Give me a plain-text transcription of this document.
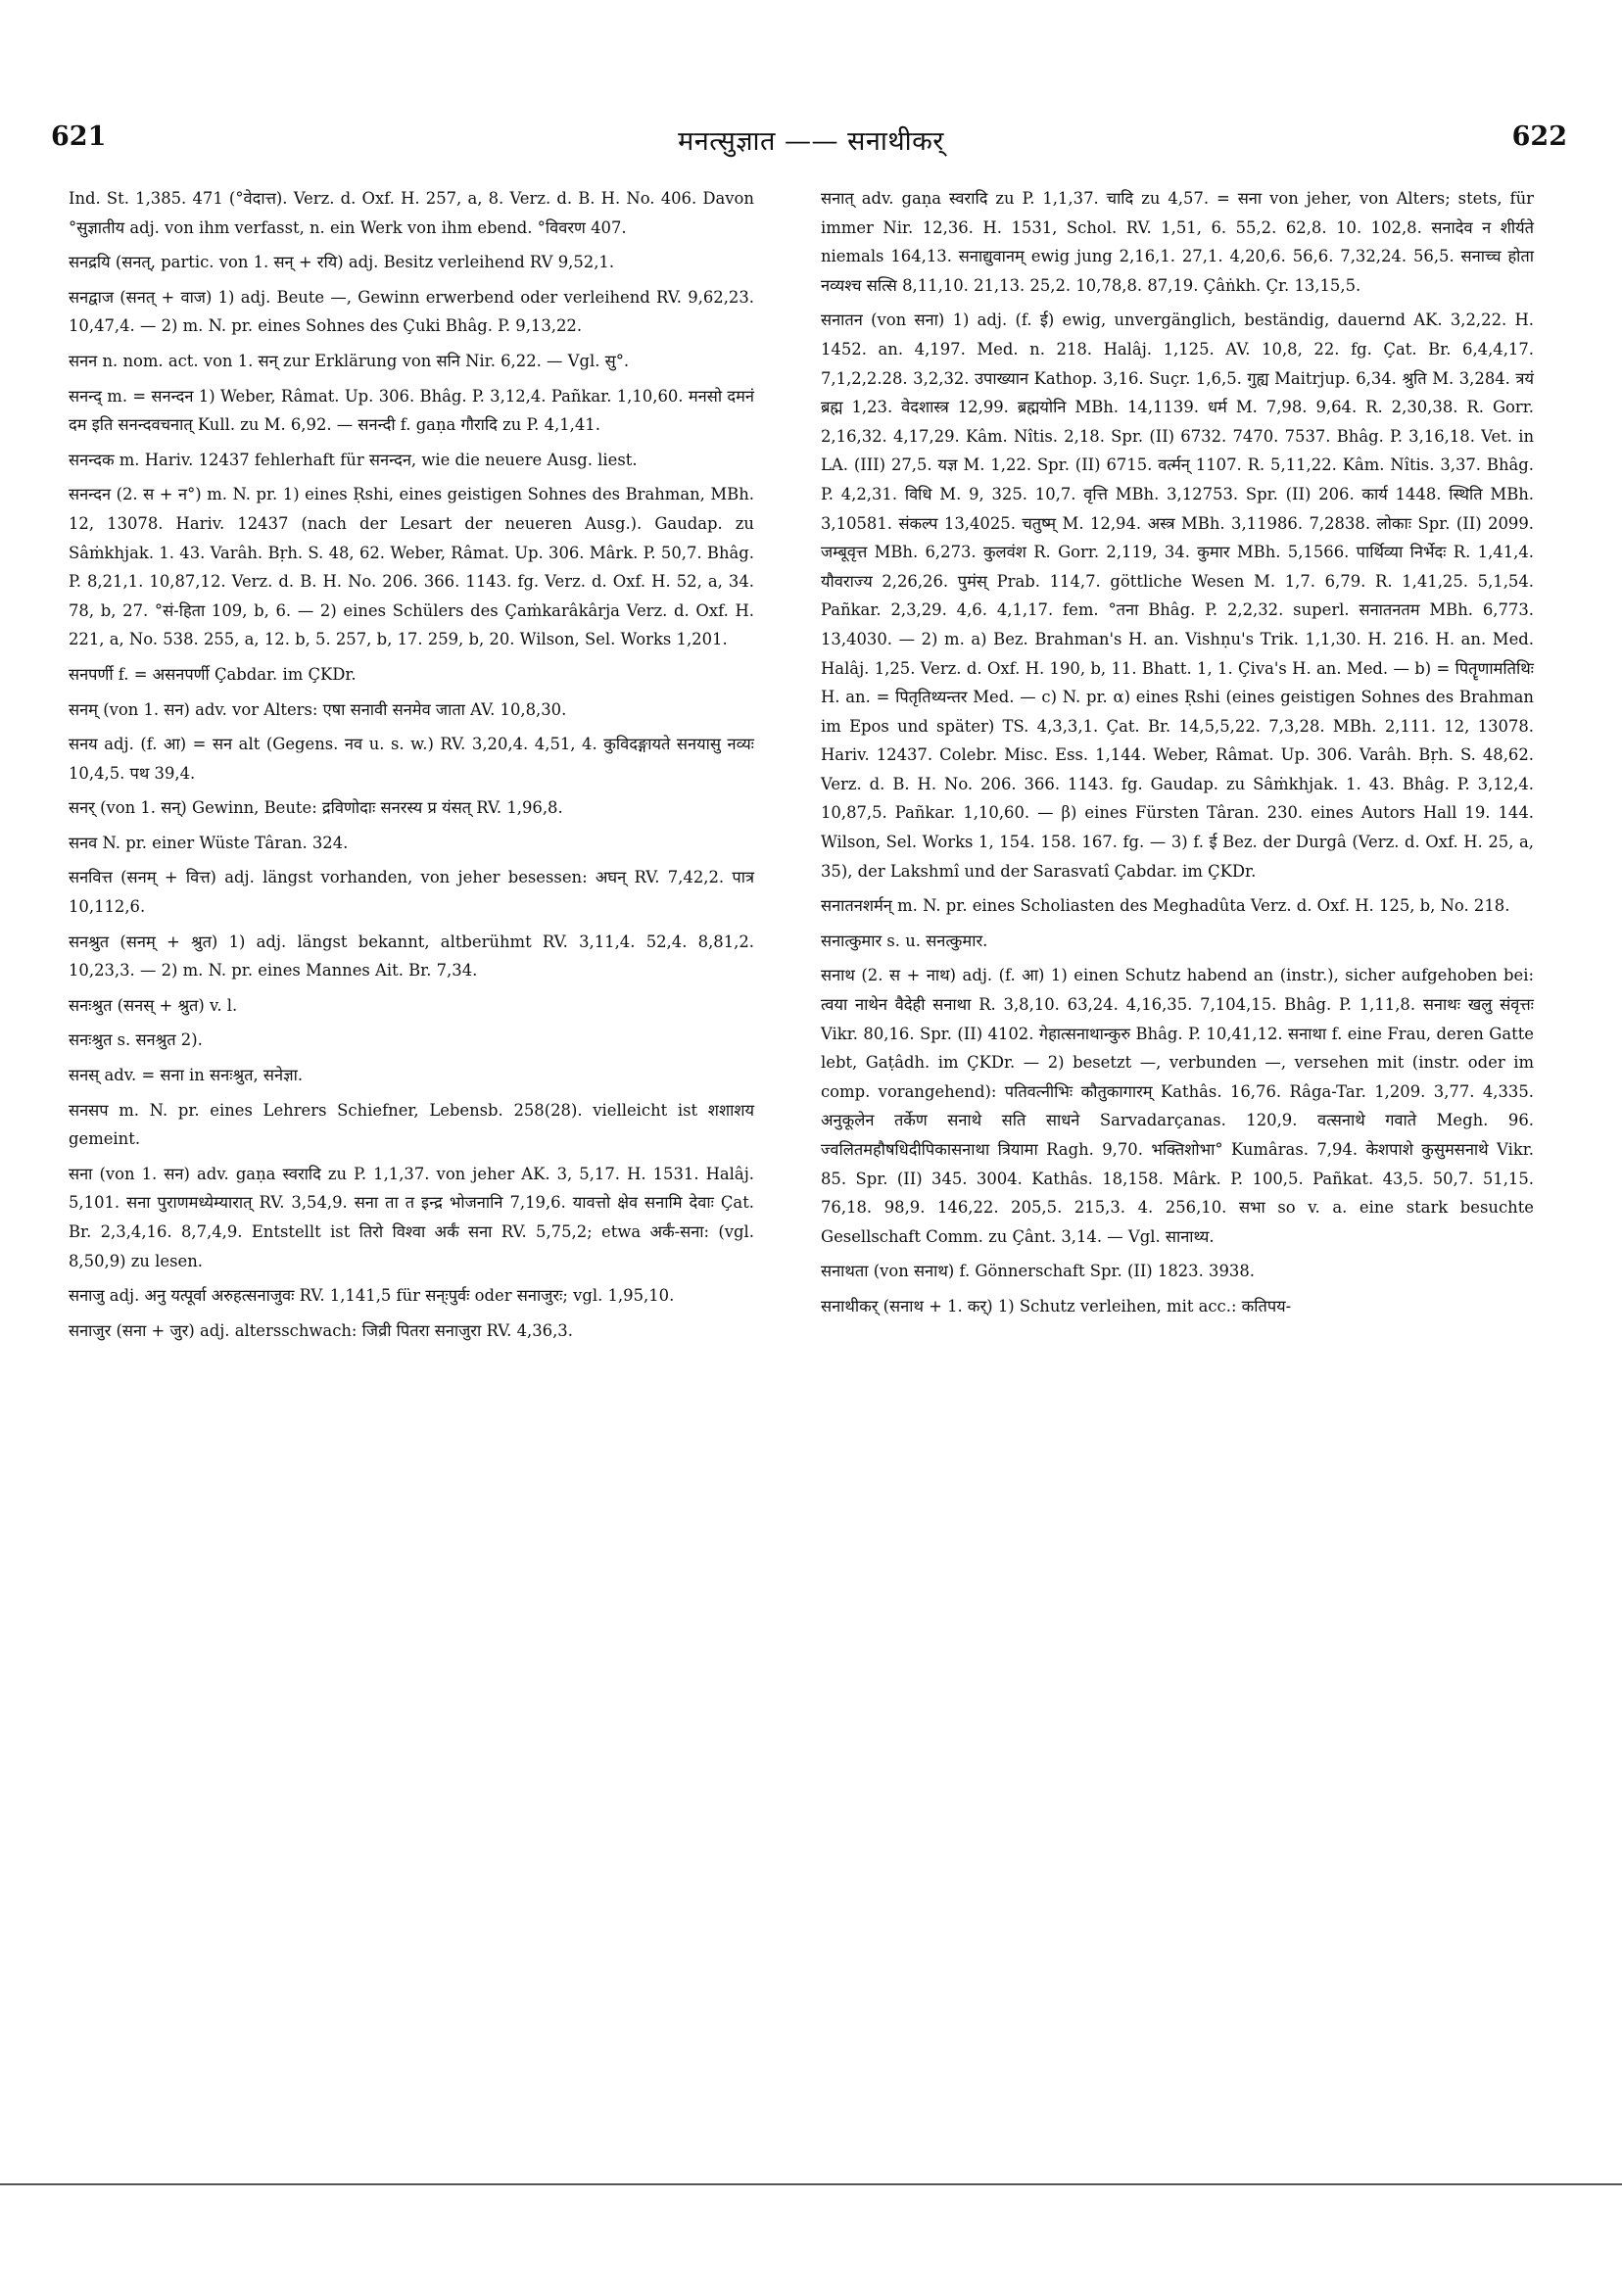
मनत्सुज्ञात —— सनाथीकर्
621	622

Ind. St. 1,385. 471 (°वेदात्त). Verz. d. Oxf. H. 257, a, 8. Verz. d. B. H. No. 406. Davon °सुज्ञातीय adj. von ihm verfasst, n. ein Werk von ihm ebend. °विवरण 407.

सनद्रयि (सनत्, partic. von 1. सन् + रयि) adj. Besitz verleihend RV 9,52,1.

सनद्वाज (सनत् + वाज) 1) adj. Beute —, Gewinn erwerbend oder verleihend RV. 9,62,23. 10,47,4. — 2) m. N. pr. eines Sohnes des Çuki Bhâg. P. 9,13,22.

सनन n. nom. act. von 1. सन् zur Erklärung von सनि Nir. 6,22. — Vgl. सु°.

सनन्द् m. = सनन्दन 1) Weber, Râmat. Up. 306. Bhâg. P. 3,12,4. Pañkar. 1,10,60. मनसो दमनं दम इति सनन्दवचनात् Kull. zu M. 6,92. — सनन्दी f. gaṇa गौरादि zu P. 4,1,41.

सनन्दक m. Hariv. 12437 fehlerhaft für सनन्दन, wie die neuere Ausg. liest.

सनन्दन (2. स + न°) m. N. pr. 1) eines Ṛshi, eines geistigen Sohnes des Brahman, MBh. 12, 13078. Hariv. 12437 (nach der Lesart der neueren Ausg.). Gaudap. zu Sâṁkhjak. 1. 43. Varâh. Bṛh. S. 48, 62. Weber, Râmat. Up. 306. Mârk. P. 50,7. Bhâg. P. 8,21,1. 10,87,12. Verz. d. B. H. No. 206. 366. 1143. fg. Verz. d. Oxf. H. 52, a, 34. 78, b, 27. °सं-हिता 109, b, 6. — 2) eines Schülers des Çaṁkarâkârja Verz. d. Oxf. H. 221, a, No. 538. 255, a, 12. b, 5. 257, b, 17. 259, b, 20. Wilson, Sel. Works 1,201.

सनपर्णी f. = असनपर्णी Çabdar. im ÇKDr.

सनम् (von 1. सन) adv. vor Alters: एषा सनावी सनमेव जाता AV. 10,8,30.

सनय adj. (f. आ) = सन alt (Gegens. नव u. s. w.) RV. 3,20,4. 4,51, 4. कुविदङ्गायते सनयासु नव्यः 10,4,5. पथ 39,4.

सनर् (von 1. सन्) Gewinn, Beute: द्रविणोदाः सनरस्य प्र यंसत् RV. 1,96,8.

सनव N. pr. einer Wüste Târan. 324.

सनवित्त (सनम् + वित्त) adj. längst vorhanden, von jeher besessen: अघन् RV. 7,42,2. पात्र 10,112,6.

सनश्रुत (सनम् + श्रुत) 1) adj. längst bekannt, altberühmt RV. 3,11,4. 52,4. 8,81,2. 10,23,3. — 2) m. N. pr. eines Mannes Ait. Br. 7,34.

सनःश्रुत (सनस् + श्रुत) v. l.

सनःश्रुत s. सनश्रुत 2).

सनस् adv. = सना in सनःश्रुत, सनेज्ञा.

सनसप m. N. pr. eines Lehrers Schiefner, Lebensb. 258(28). vielleicht ist शशाशय gemeint.

सना (von 1. सन) adv. gaṇa स्वरादि zu P. 1,1,37. von jeher AK. 3, 5,17. H. 1531. Halâj. 5,101. सना पुराणमध्येम्यारात् RV. 3,54,9. सना ता त इन्द्र भोजनानि 7,19,6. यावत्तो क्षेव सनामि देवाः Çat. Br. 2,3,4,16. 8,7,4,9. Entstellt ist तिरो विश्वा अर्कं सना RV. 5,75,2; etwa अर्कं-सना: (vgl. 8,50,9) zu lesen.

सनाजु adj. अनु यत्पूर्वा अरुहत्सनाजुवः RV. 1,141,5 für सन्ःपुर्वः oder सनाजुरः; vgl. 1,95,10.

सनाजुर (सना + जुर) adj. altersschwach: जिव्री पितरा सनाजुरा RV. 4,36,3.

सनात् adv. gaṇa स्वरादि zu P. 1,1,37. चादि zu 4,57. = सना von jeher, von Alters; stets, für immer Nir. 12,36. H. 1531, Schol. RV. 1,51, 6. 55,2. 62,8. 10. 102,8. सनादेव न शीर्यते niemals 164,13. सनाद्युवानम् ewig jung 2,16,1. 27,1. 4,20,6. 56,6. 7,32,24. 56,5. सनाच्च होता नव्यश्च सत्सि 8,11,10. 21,13. 25,2. 10,78,8. 87,19. Çâṅkh. Çr. 13,15,5.

सनातन (von सना) 1) adj. (f. ई) ewig, unvergänglich, beständig, dauernd AK. 3,2,22. H. 1452. an. 4,197. Med. n. 218. Halâj. 1,125. AV. 10,8, 22. fg. Çat. Br. 6,4,4,17. 7,1,2,2.28. 3,2,32. उपाख्यान Kathop. 3,16. Suçr. 1,6,5. गुह्य Maitrjup. 6,34. श्रुति M. 3,284. त्रयं ब्रह्म 1,23. वेदशास्त्र 12,99. ब्रह्मयोनि MBh. 14,1139. धर्म M. 7,98. 9,64. R. 2,30,38. R. Gorr. 2,16,32. 4,17,29. Kâm. Nîtis. 2,18. Spr. (II) 6732. 7470. 7537. Bhâg. P. 3,16,18. Vet. in LA. (III) 27,5. यज्ञ M. 1,22. Spr. (II) 6715. वर्त्मन् 1107. R. 5,11,22. Kâm. Nîtis. 3,37. Bhâg. P. 4,2,31. विधि M. 9, 325. 10,7. वृत्ति MBh. 3,12753. Spr. (II) 206. कार्य 1448. स्थिति MBh. 3,10581. संकल्प 13,4025. चतुष्म् M. 12,94. अस्त्र MBh. 3,11986. 7,2838. लोकाः Spr. (II) 2099. जम्बूवृत्त MBh. 6,273. कुलवंश R. Gorr. 2,119, 34. कुमार MBh. 5,1566. पार्थिव्या निर्भेदः R. 1,41,4. यौवराज्य 2,26,26. पुमंस् Prab. 114,7. göttliche Wesen M. 1,7. 6,79. R. 1,41,25. 5,1,54. Pañkar. 2,3,29. 4,6. 4,1,17. fem. °तना Bhâg. P. 2,2,32. superl. सनातनतम MBh. 6,773. 13,4030. — 2) m. a) Bez. Brahman's H. an. Vishṇu's Trik. 1,1,30. H. 216. H. an. Med. Halâj. 1,25. Verz. d. Oxf. H. 190, b, 11. Bhatt. 1, 1. Çiva's H. an. Med. — b) = पितॄणामतिथिः H. an. = पितृतिथ्यन्तर Med. — c) N. pr. α) eines Ṛshi (eines geistigen Sohnes des Brahman im Epos und später) TS. 4,3,3,1. Çat. Br. 14,5,5,22. 7,3,28. MBh. 2,111. 12, 13078. Hariv. 12437. Colebr. Misc. Ess. 1,144. Weber, Râmat. Up. 306. Varâh. Bṛh. S. 48,62. Verz. d. B. H. No. 206. 366. 1143. fg. Gaudap. zu Sâṁkhjak. 1. 43. Bhâg. P. 3,12,4. 10,87,5. Pañkar. 1,10,60. — β) eines Fürsten Târan. 230. eines Autors Hall 19. 144. Wilson, Sel. Works 1, 154. 158. 167. fg. — 3) f. ई Bez. der Durgâ (Verz. d. Oxf. H. 25, a, 35), der Lakshmî und der Sarasvatî Çabdar. im ÇKDr.

सनातनशर्मन् m. N. pr. eines Scholiasten des Meghadûta Verz. d. Oxf. H. 125, b, No. 218.

सनात्कुमार s. u. सनत्कुमार.

सनाथ (2. स + नाथ) adj. (f. आ) 1) einen Schutz habend an (instr.), sicher aufgehoben bei: त्वया नाथेन वैदेही सनाथा R. 3,8,10. 63,24. 4,16,35. 7,104,15. Bhâg. P. 1,11,8. सनाथः खलु संवृत्तः Vikr. 80,16. Spr. (II) 4102. गेहात्सनाथान्कुरु Bhâg. P. 10,41,12. सनाथा f. eine Frau, deren Gatte lebt, Gaṭâdh. im ÇKDr. — 2) besetzt —, verbunden —, versehen mit (instr. oder im comp. vorangehend): पतिवत्नीभिः कौतुकागारम् Kathâs. 16,76. Râga-Tar. 1,209. 3,77. 4,335. अनुकूलेन तर्केण सनाथे सति साधने Sarvadarçanas. 120,9. वत्सनाथे गवाते Megh. 96. ज्वलितमहौषधिदीपिकासनाथा त्रियामा Ragh. 9,70. भक्तिशोभा° Kumâras. 7,94. केशपाशे कुसुमसनाथे Vikr. 85. Spr. (II) 345. 3004. Kathâs. 18,158. Mârk. P. 100,5. Pañkat. 43,5. 50,7. 51,15. 76,18. 98,9. 146,22. 205,5. 215,3. 4. 256,10. सभा so v. a. eine stark besuchte Gesellschaft Comm. zu Çânt. 3,14. — Vgl. सानाथ्य.

सनाथता (von सनाथ) f. Gönnerschaft Spr. (II) 1823. 3938.

सनाथीकर् (सनाथ + 1. कर्) 1) Schutz verleihen, mit acc.: कतिपय-
